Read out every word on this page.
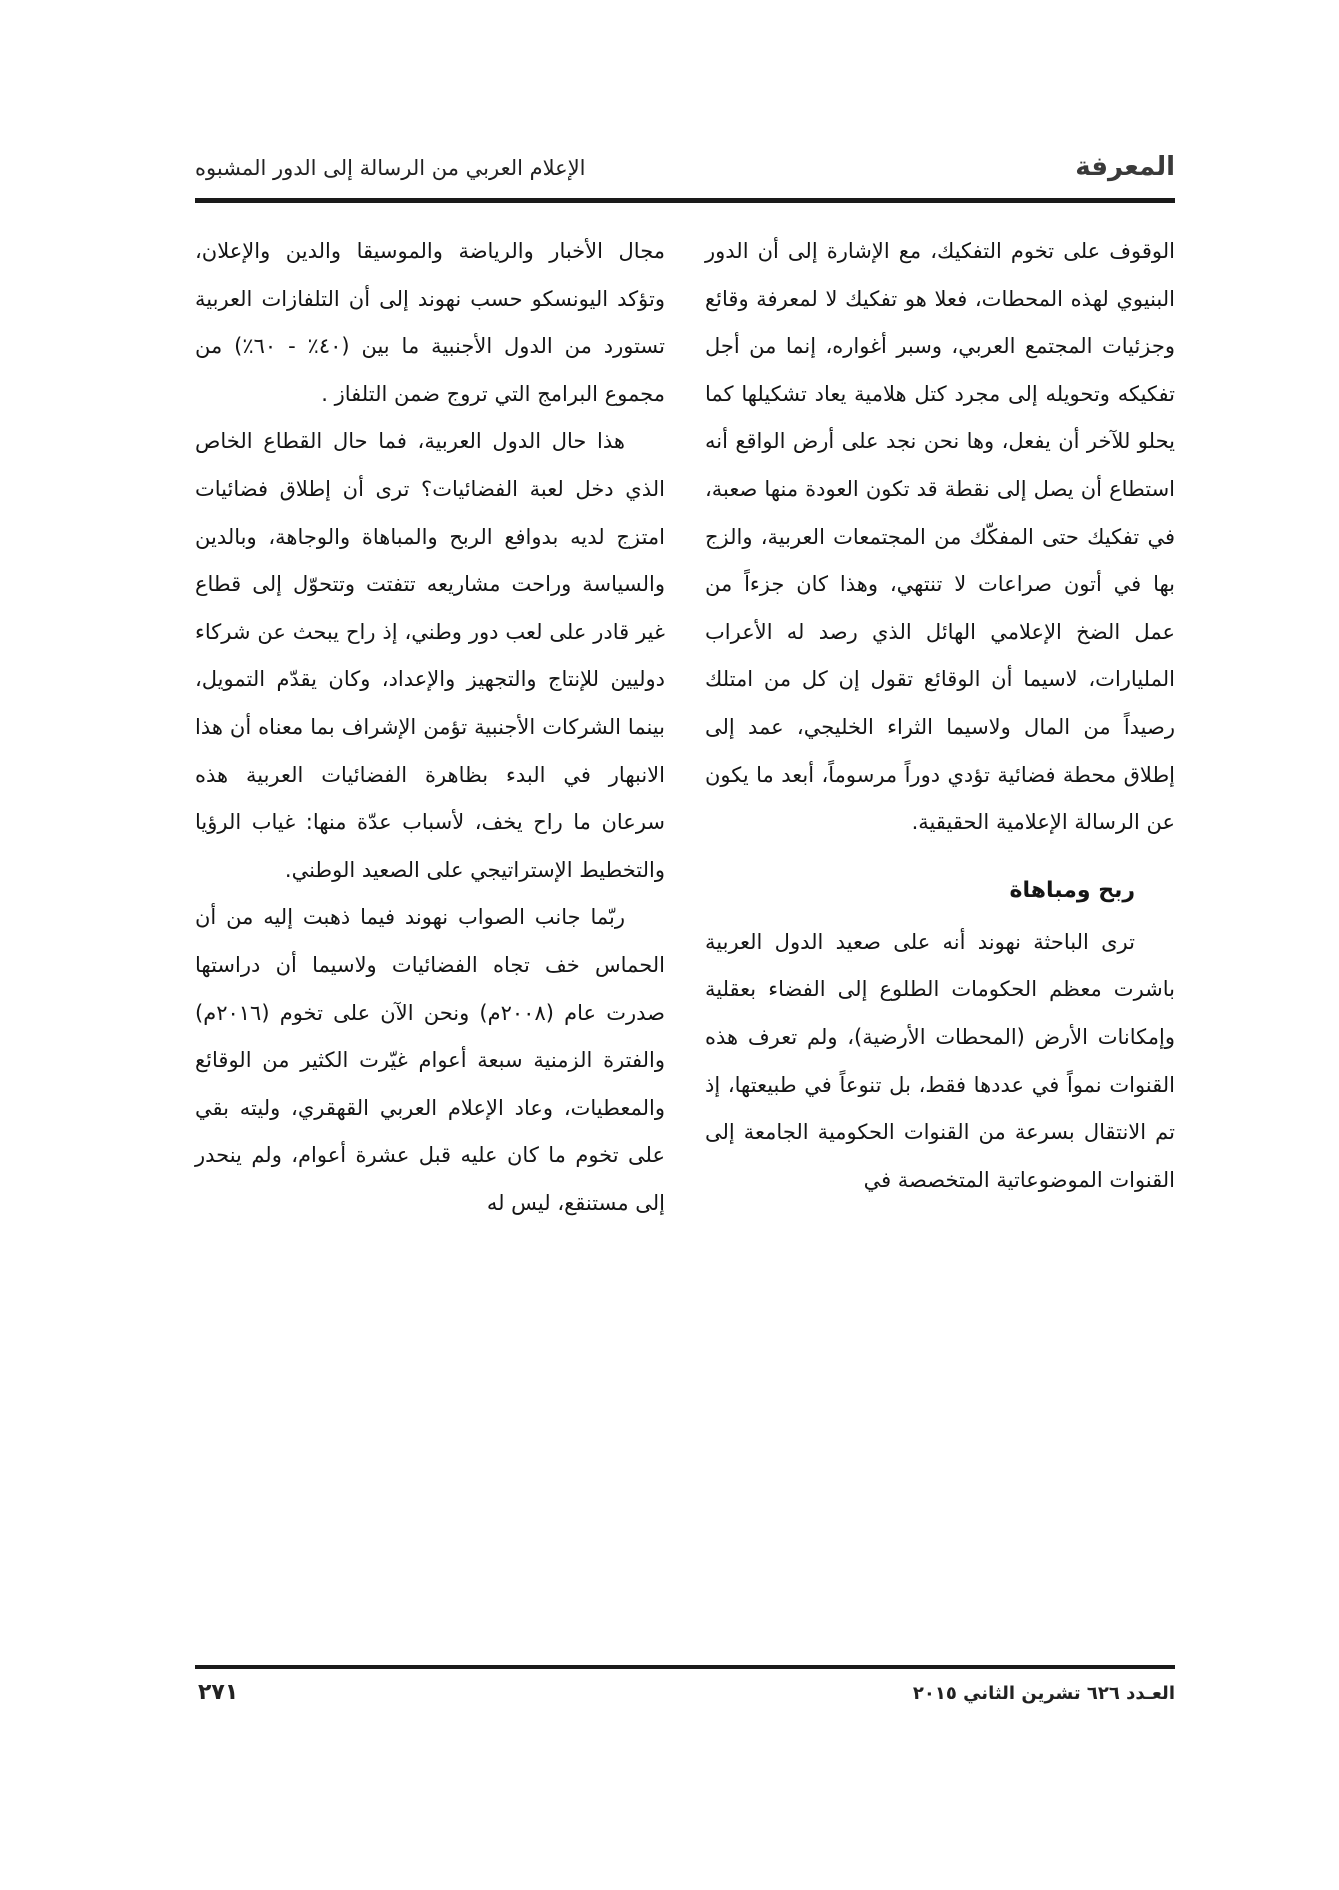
المعرفة
الإعلام العربي من الرسالة إلى الدور المشبوه

الوقوف على تخوم التفكيك، مع الإشارة إلى أن الدور البنيوي لهذه المحطات، فعلا هو تفكيك لا لمعرفة وقائع وجزئيات المجتمع العربي، وسبر أغواره، إنما من أجل تفكيكه وتحويله إلى مجرد كتل هلامية يعاد تشكيلها كما يحلو للآخر أن يفعل، وها نحن نجد على أرض الواقع أنه استطاع أن يصل إلى نقطة قد تكون العودة منها صعبة، في تفكيك حتى المفكّك من المجتمعات العربية، والزج بها في أتون صراعات لا تنتهي، وهذا كان جزءاً من عمل الضخ الإعلامي الهائل الذي رصد له الأعراب المليارات، لاسيما أن الوقائع تقول إن كل من امتلك رصيداً من المال ولاسيما الثراء الخليجي، عمد إلى إطلاق محطة فضائية تؤدي دوراً مرسوماً، أبعد ما يكون عن الرسالة الإعلامية الحقيقية.

ربح ومباهاة

ترى الباحثة نهوند أنه على صعيد الدول العربية باشرت معظم الحكومات الطلوع إلى الفضاء بعقلية وإمكانات الأرض (المحطات الأرضية)، ولم تعرف هذه القنوات نمواً في عددها فقط، بل تنوعاً في طبيعتها، إذ تم الانتقال بسرعة من القنوات الحكومية الجامعة إلى القنوات الموضوعاتية المتخصصة في

مجال الأخبار والرياضة والموسيقا والدين والإعلان، وتؤكد اليونسكو حسب نهوند إلى أن التلفازات العربية تستورد من الدول الأجنبية ما بين (٤٠٪ - ٦٠٪) من مجموع البرامج التي تروج ضمن التلفاز .

هذا حال الدول العربية، فما حال القطاع الخاص الذي دخل لعبة الفضائيات؟ ترى أن إطلاق فضائيات امتزج لديه بدوافع الربح والمباهاة والوجاهة، وبالدين والسياسة وراحت مشاريعه تتفتت وتتحوّل إلى قطاع غير قادر على لعب دور وطني، إذ راح يبحث عن شركاء دوليين للإنتاج والتجهيز والإعداد، وكان يقدّم التمويل، بينما الشركات الأجنبية تؤمن الإشراف بما معناه أن هذا الانبهار في البدء بظاهرة الفضائيات العربية هذه سرعان ما راح يخف، لأسباب عدّة منها: غياب الرؤيا والتخطيط الإستراتيجي على الصعيد الوطني.

ربّما جانب الصواب نهوند فيما ذهبت إليه من أن الحماس خف تجاه الفضائيات ولاسيما أن دراستها صدرت عام (٢٠٠٨م) ونحن الآن على تخوم (٢٠١٦م) والفترة الزمنية سبعة أعوام غيّرت الكثير من الوقائع والمعطيات، وعاد الإعلام العربي القهقري، وليته بقي على تخوم ما كان عليه قبل عشرة أعوام، ولم ينحدر إلى مستنقع، ليس له

العـدد ٦٢٦ تشرين الثاني ٢٠١٥
٢٧١
